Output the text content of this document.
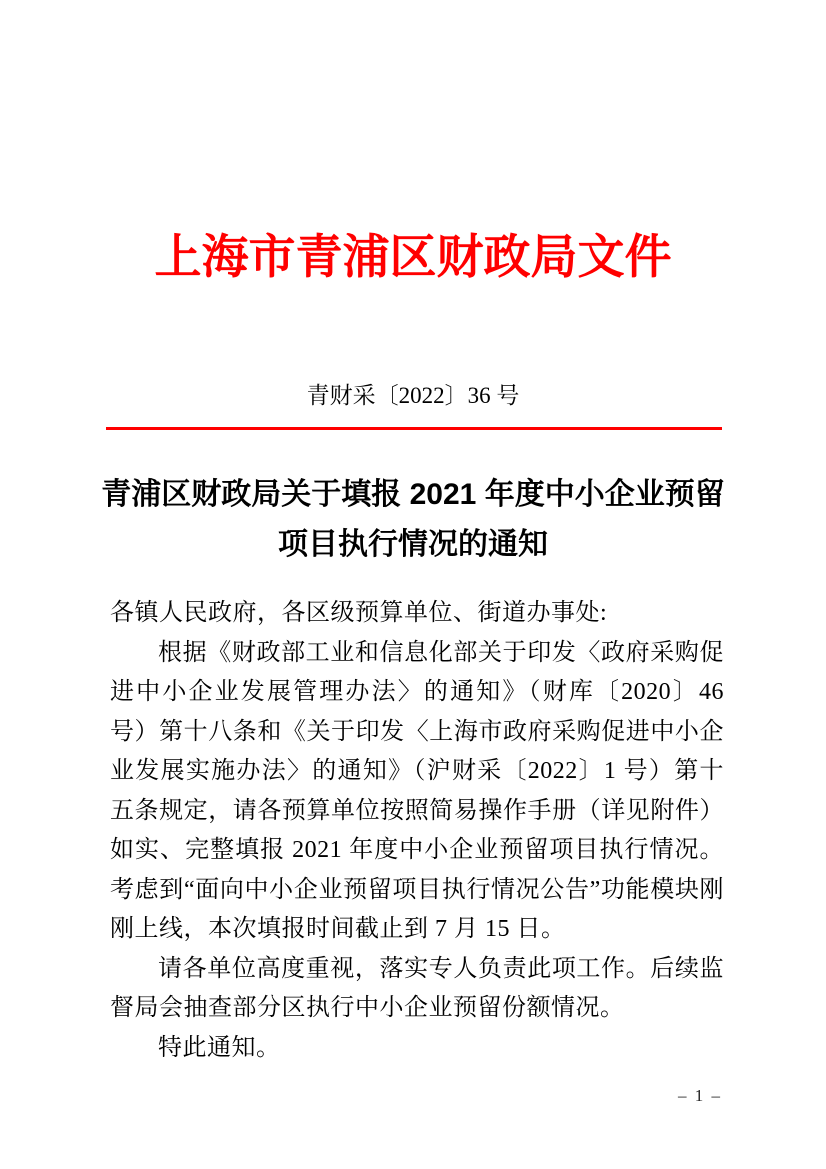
上海市青浦区财政局文件
青财采〔2022〕36 号
青浦区财政局关于填报 2021 年度中小企业预留
项目执行情况的通知

各镇人民政府，各区级预算单位、街道办事处:

根据《财政部工业和信息化部关于印发〈政府采购促进中小企业发展管理办法〉的通知》（财库〔2020〕46 号）第十八条和《关于印发〈上海市政府采购促进中小企业发展实施办法〉的通知》（沪财采〔2022〕1 号）第十五条规定，请各预算单位按照简易操作手册（详见附件）如实、完整填报 2021 年度中小企业预留项目执行情况。考虑到“面向中小企业预留项目执行情况公告”功能模块刚刚上线，本次填报时间截止到 7 月 15 日。

请各单位高度重视，落实专人负责此项工作。后续监督局会抽查部分区执行中小企业预留份额情况。

特此通知。

– 1 –
